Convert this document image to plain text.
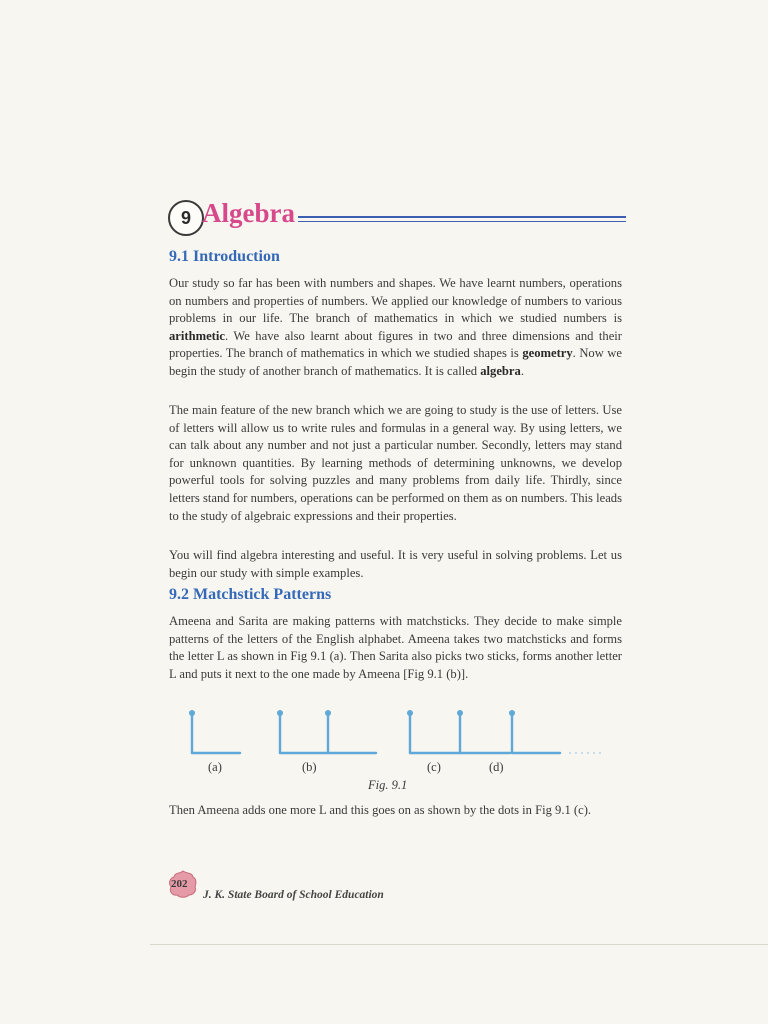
9 Algebra
9.1 Introduction
Our study so far has been with numbers and shapes. We have learnt numbers, operations on numbers and properties of numbers. We applied our knowledge of numbers to various problems in our life. The branch of mathematics in which we studied numbers is arithmetic. We have also learnt about figures in two and three dimensions and their properties. The branch of mathematics in which we studied shapes is geometry. Now we begin the study of another branch of mathematics. It is called algebra.
The main feature of the new branch which we are going to study is the use of letters. Use of letters will allow us to write rules and formulas in a general way. By using letters, we can talk about any number and not just a particular number. Secondly, letters may stand for unknown quantities. By learning methods of determining unknowns, we develop powerful tools for solving puzzles and many problems from daily life. Thirdly, since letters stand for numbers, operations can be performed on them as on numbers. This leads to the study of algebraic expressions and their properties.
You will find algebra interesting and useful. It is very useful in solving problems. Let us begin our study with simple examples.
9.2 Matchstick Patterns
Ameena and Sarita are making patterns with matchsticks. They decide to make simple patterns of the letters of the English alphabet. Ameena takes two matchsticks and forms the letter L as shown in Fig 9.1 (a). Then Sarita also picks two sticks, forms another letter L and puts it next to the one made by Ameena [Fig 9.1 (b)].
(a)	(b)	(c)	(d)
Fig. 9.1
Then Ameena adds one more L and this goes on as shown by the dots in Fig 9.1 (c).
202
J. K. State Board of School Education
